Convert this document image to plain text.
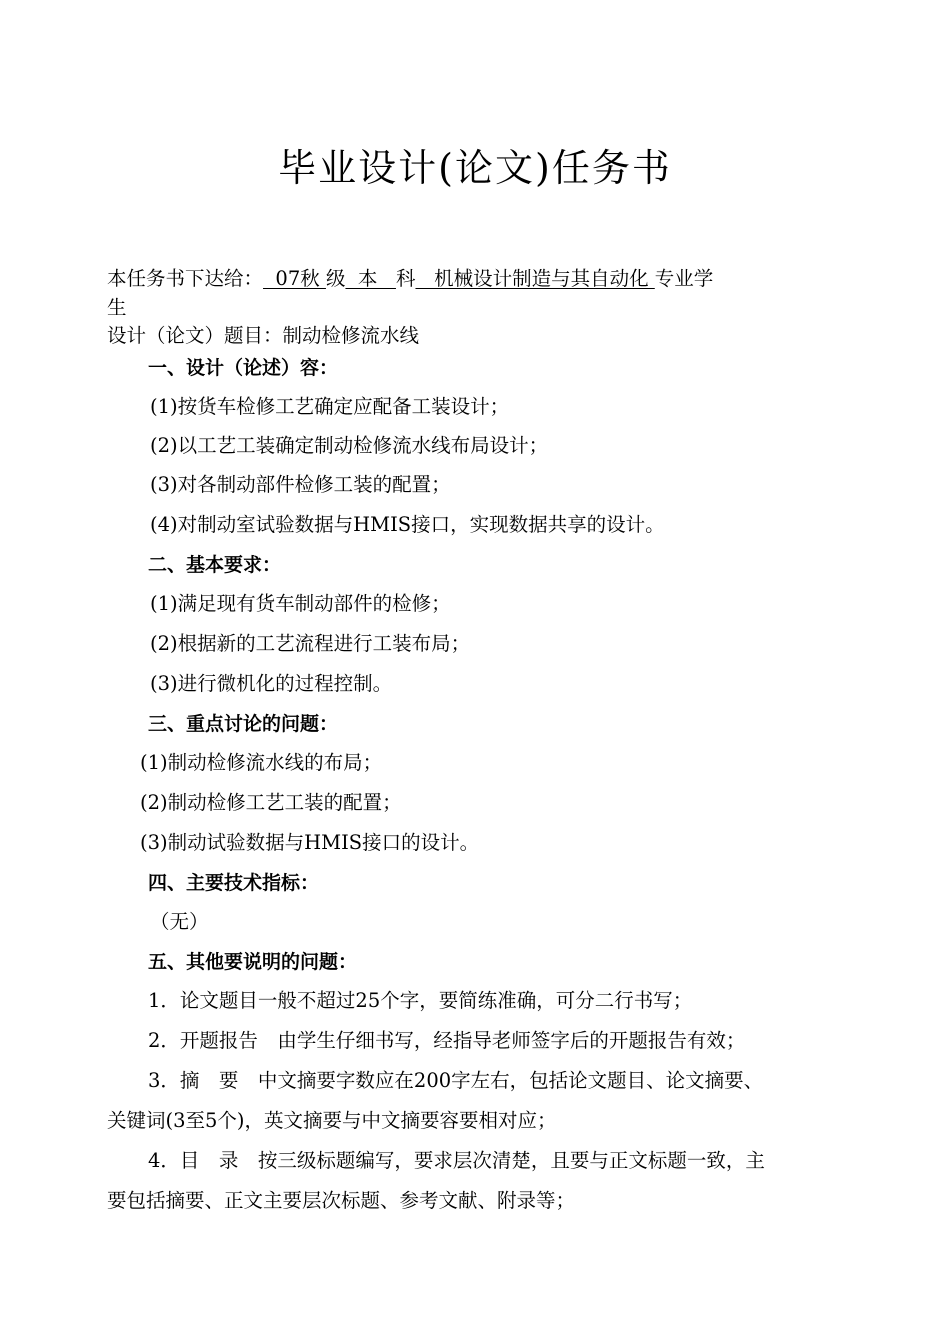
毕业设计(论文)任务书
本任务书下达给：  07秋 级  本   科   机械设计制造与其自动化 专业学
生
设计（论文）题目：制动检修流水线
一、设计（论述）容：
(1)按货车检修工艺确定应配备工装设计；
(2)以工艺工装确定制动检修流水线布局设计；
(3)对各制动部件检修工装的配置；
(4)对制动室试验数据与HMIS接口，实现数据共享的设计。
二、基本要求：
(1)满足现有货车制动部件的检修；
(2)根据新的工艺流程进行工装布局；
(3)进行微机化的过程控制。
三、重点讨论的问题：
(1)制动检修流水线的布局；
(2)制动检修工艺工装的配置；
(3)制动试验数据与HMIS接口的设计。
四、主要技术指标：
（无）
五、其他要说明的问题：
1．论文题目一般不超过25个字，要简练准确，可分二行书写；
2．开题报告　由学生仔细书写，经指导老师签字后的开题报告有效；
3．摘　要　中文摘要字数应在200字左右，包括论文题目、论文摘要、
关键词(3至5个)，英文摘要与中文摘要容要相对应；
4．目　录　按三级标题编写，要求层次清楚，且要与正文标题一致，主
要包括摘要、正文主要层次标题、参考文献、附录等；
